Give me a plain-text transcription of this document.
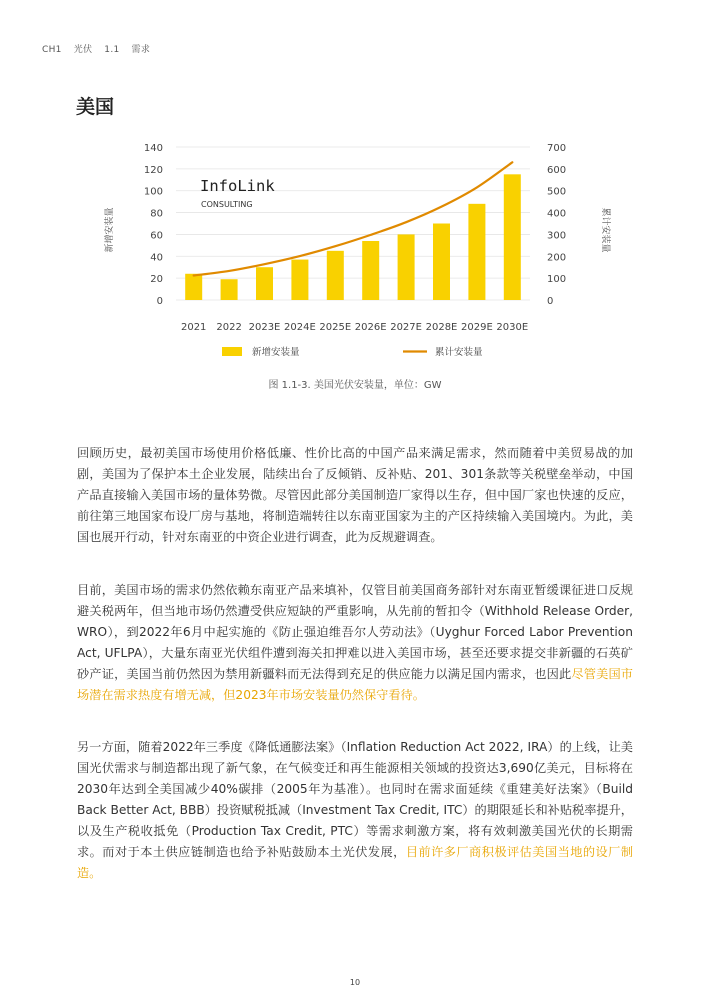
CH1 光伏 1.1 需求
美国
0
20
40
60
80
100
120
140
0
100
200
300
400
500
600
700
2021 2022 2023E 2024E 2025E 2026E 2027E 2028E 2029E 2030E
InfoLink
CONSULTING
新增安装量	累计安装量
新增安装量	累计安装量
图 1.1-3. 美国光伏安装量，单位：GW

回顾历史，最初美国市场使用价格低廉、性价比高的中国产品来满足需求，然而随着中美贸易战的加剧，美国为了保护本土企业发展，陆续出台了反倾销、反补贴、201、301条款等关税壁垒举动，中国产品直接输入美国市场的量体势微。尽管因此部分美国制造厂家得以生存，但中国厂家也快速的反应，前往第三地国家布设厂房与基地，将制造端转往以东南亚国家为主的产区持续输入美国境内。为此，美国也展开行动，针对东南亚的中资企业进行调查，此为反规避调查。

目前，美国市场的需求仍然依赖东南亚产品来填补，仅管目前美国商务部针对东南亚暂缓课征进口反规避关税两年，但当地市场仍然遭受供应短缺的严重影响，从先前的暂扣令（Withhold Release Order, WRO），到2022年6月中起实施的《防止强迫维吾尔人劳动法》（Uyghur Forced Labor Prevention Act, UFLPA），大量东南亚光伏组件遭到海关扣押难以进入美国市场，甚至还要求提交非新疆的石英矿砂产证，美国当前仍然因为禁用新疆料而无法得到充足的供应能力以满足国内需求，也因此尽管美国市场潜在需求热度有增无减，但2023年市场安装量仍然保守看待。

另一方面，随着2022年三季度《降低通膨法案》（Inflation Reduction Act 2022, IRA）的上线，让美国光伏需求与制造都出现了新气象，在气候变迁和再生能源相关领域的投资达3,690亿美元，目标将在2030年达到全美国减少40%碳排（2005年为基准）。也同时在需求面延续《重建美好法案》（Build Back Better Act, BBB）投资赋税抵减（Investment Tax Credit, ITC）的期限延长和补贴税率提升，以及生产税收抵免（Production Tax Credit, PTC）等需求刺激方案，将有效刺激美国光伏的长期需求。而对于本土供应链制造也给予补贴鼓励本土光伏发展，目前许多厂商积极评估美国当地的设厂制造。

10
